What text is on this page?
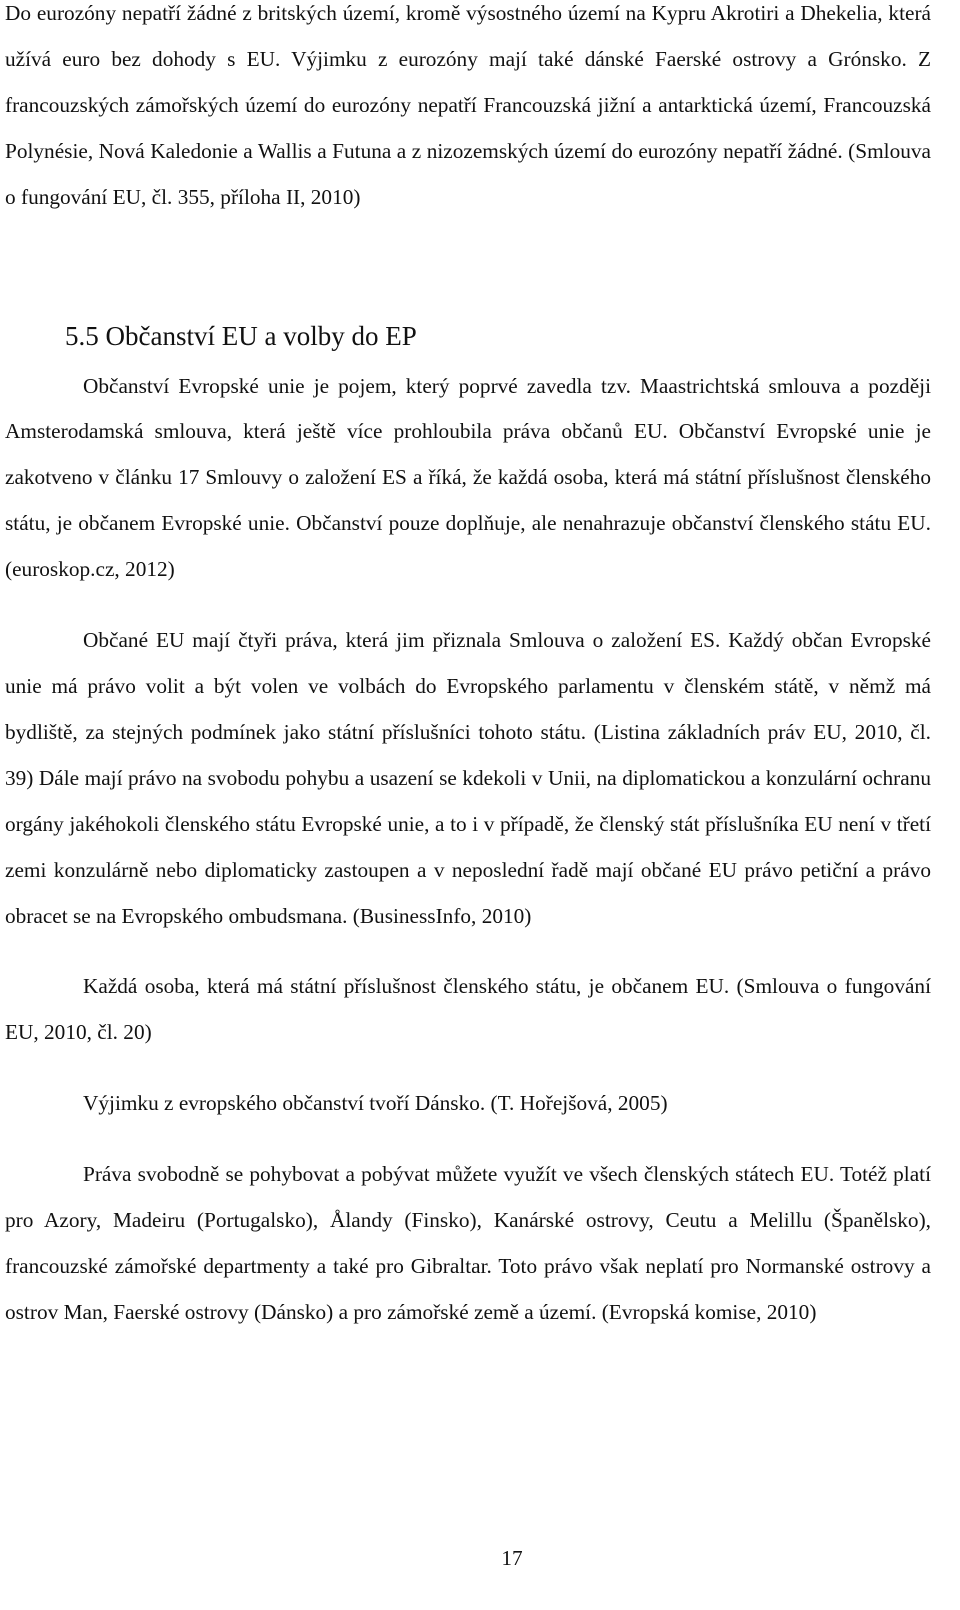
Do eurozóny nepatří žádné z britských území, kromě výsostného území na Kypru Akrotiri a Dhekelia, která užívá euro bez dohody s EU. Výjimku z eurozóny mají také dánské Faerské ostrovy a Grónsko. Z francouzských zámořských území do eurozóny nepatří Francouzská jižní a antarktická území, Francouzská Polynésie, Nová Kaledonie a Wallis a Futuna a z nizozemských území do eurozóny nepatří žádné. (Smlouva o fungování EU, čl. 355, příloha II, 2010)

5.5 Občanství EU a volby do EP

Občanství Evropské unie je pojem, který poprvé zavedla tzv. Maastrichtská smlouva a později Amsterodamská smlouva, která ještě více prohloubila práva občanů EU. Občanství Evropské unie je zakotveno v článku 17 Smlouvy o založení ES a říká, že každá osoba, která má státní příslušnost členského státu, je občanem Evropské unie. Občanství pouze doplňuje, ale nenahrazuje občanství členského státu EU. (euroskop.cz, 2012)

Občané EU mají čtyři práva, která jim přiznala Smlouva o založení ES. Každý občan Evropské unie má právo volit a být volen ve volbách do Evropského parlamentu v členském státě, v němž má bydliště, za stejných podmínek jako státní příslušníci tohoto státu. (Listina základních práv EU, 2010, čl. 39) Dále mají právo na svobodu pohybu a usazení se kdekoli v Unii, na diplomatickou a konzulární ochranu orgány jakéhokoli členského státu Evropské unie, a to i v případě, že členský stát příslušníka EU není v třetí zemi konzulárně nebo diplomaticky zastoupen a v neposlední řadě mají občané EU právo petiční a právo obracet se na Evropského ombudsmana. (BusinessInfo, 2010)

Každá osoba, která má státní příslušnost členského státu, je občanem EU. (Smlouva o fungování EU, 2010, čl. 20)

Výjimku z evropského občanství tvoří Dánsko. (T. Hořejšová, 2005)

Práva svobodně se pohybovat a pobývat můžete využít ve všech členských státech EU. Totéž platí pro Azory, Madeiru (Portugalsko), Ålandy (Finsko), Kanárské ostrovy, Ceutu a Melillu (Španělsko), francouzské zámořské departmenty a také pro Gibraltar. Toto právo však neplatí pro Normanské ostrovy a ostrov Man, Faerské ostrovy (Dánsko) a pro zámořské země a území. (Evropská komise, 2010)

17
